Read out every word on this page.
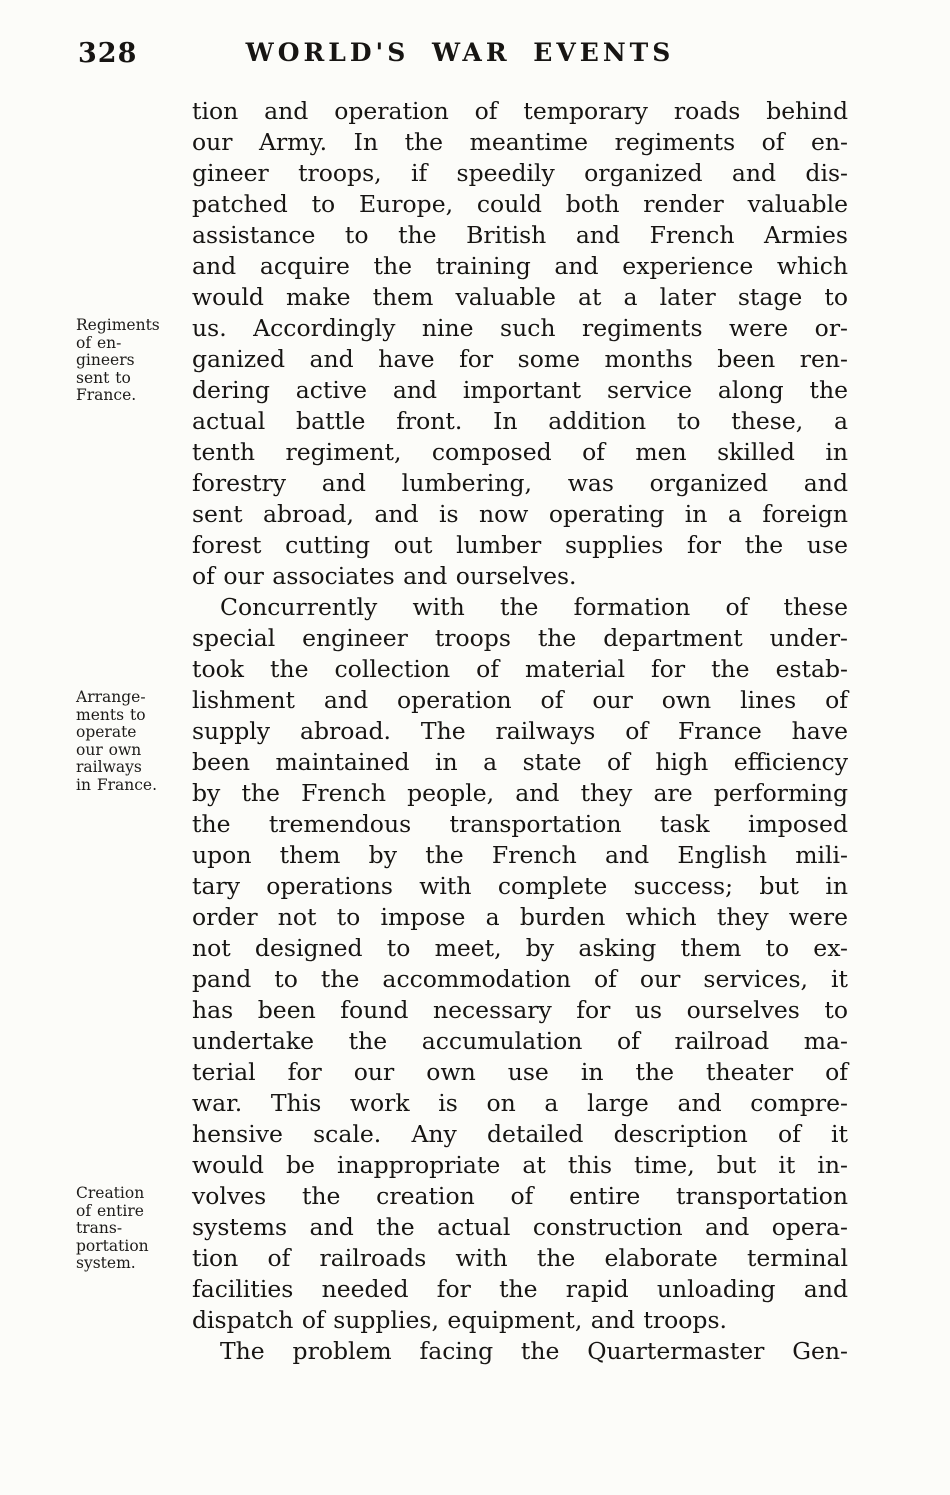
328	WORLD'S WAR EVENTS
tion and operation of temporary roads behind
our Army. In the meantime regiments of en-
gineer troops, if speedily organized and dis-
patched to Europe, could both render valuable
assistance to the British and French Armies
and acquire the training and experience which
would make them valuable at a later stage to
us. Accordingly nine such regiments were or-
Regiments
of en-
gineers
sent to
France.
ganized and have for some months been ren-
dering active and important service along the
actual battle front. In addition to these, a
tenth regiment, composed of men skilled in
forestry and lumbering, was organized and
sent abroad, and is now operating in a foreign
forest cutting out lumber supplies for the use
of our associates and ourselves.
Concurrently with the formation of these
special engineer troops the department under-
took the collection of material for the estab-
lishment and operation of our own lines of
Arrange-
ments to
operate
our own
railways
in France.
supply abroad. The railways of France have
been maintained in a state of high efficiency
by the French people, and they are performing
the tremendous transportation task imposed
upon them by the French and English mili-
tary operations with complete success; but in
order not to impose a burden which they were
not designed to meet, by asking them to ex-
pand to the accommodation of our services, it
has been found necessary for us ourselves to
undertake the accumulation of railroad ma-
terial for our own use in the theater of
war. This work is on a large and compre-
hensive scale. Any detailed description of it
would be inappropriate at this time, but it in-
volves the creation of entire transportation
Creation
of entire
trans-
portation
system.
systems and the actual construction and opera-
tion of railroads with the elaborate terminal
facilities needed for the rapid unloading and
dispatch of supplies, equipment, and troops.
The problem facing the Quartermaster Gen-
